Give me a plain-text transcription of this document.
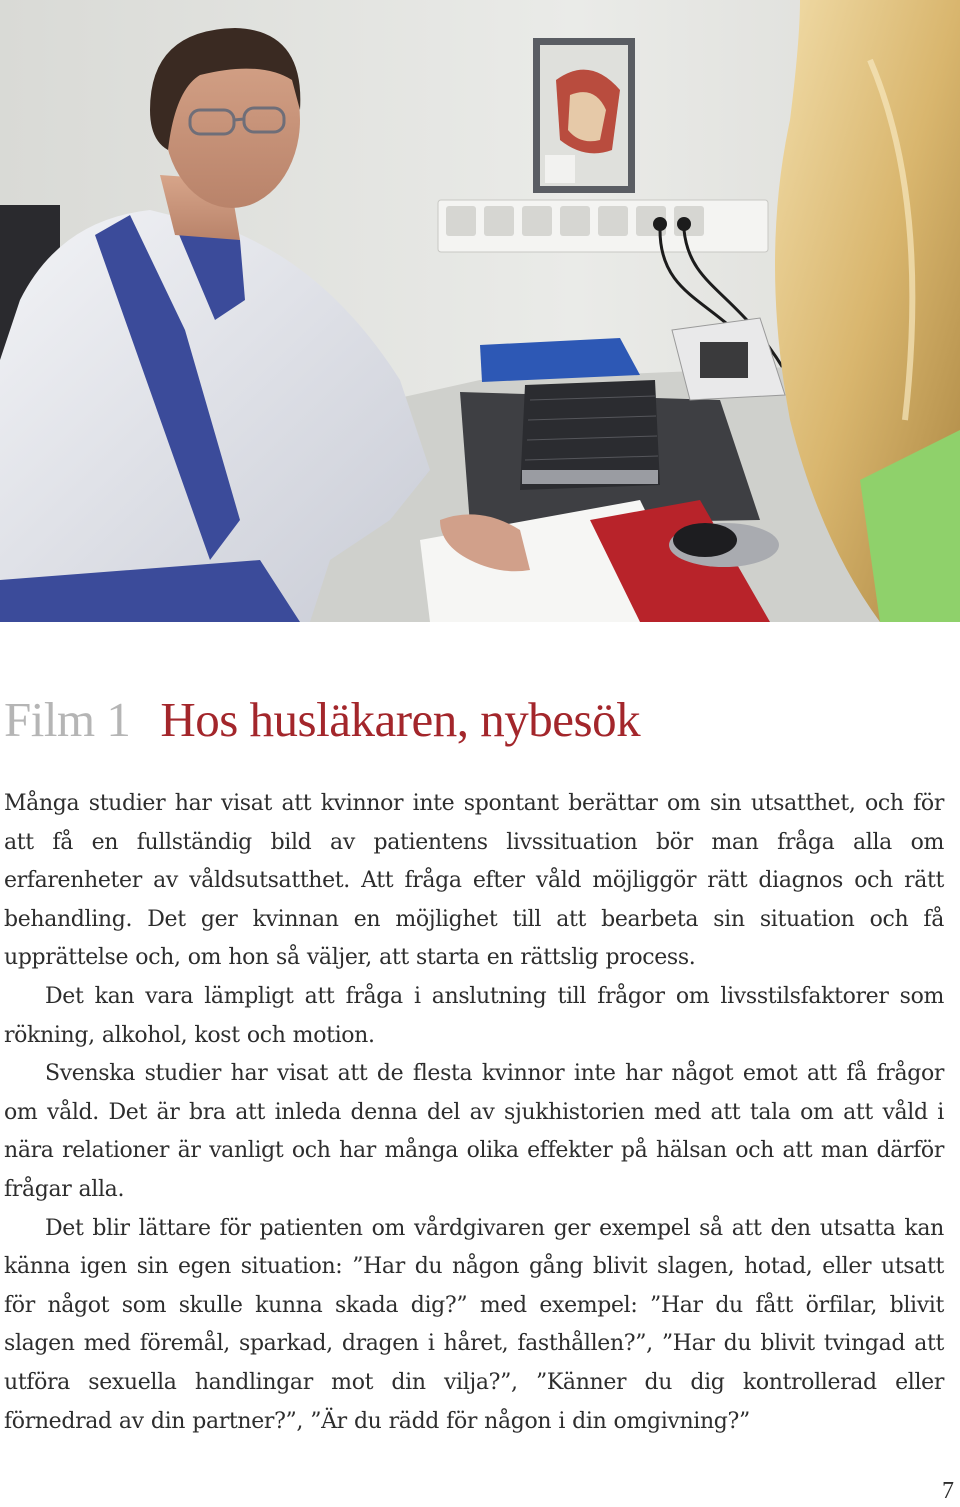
Film 1 Hos husläkaren, nybesök

Många studier har visat att kvinnor inte spontant berättar om sin utsatthet, och för att få en fullständig bild av patientens livssituation bör man fråga alla om erfarenheter av våldsutsatthet. Att fråga efter våld möjliggör rätt diagnos och rätt behandling. Det ger kvinnan en möjlighet till att bearbeta sin situation och få upprättelse och, om hon så väljer, att starta en rättslig process.

Det kan vara lämpligt att fråga i anslutning till frågor om livsstilsfaktorer som rökning, alkohol, kost och motion.

Svenska studier har visat att de flesta kvinnor inte har något emot att få frågor om våld. Det är bra att inleda denna del av sjukhistorien med att tala om att våld i nära relationer är vanligt och har många olika effekter på hälsan och att man därför frågar alla.

Det blir lättare för patienten om vårdgivaren ger exempel så att den utsatta kan känna igen sin egen situation: ”Har du någon gång blivit slagen, hotad, eller utsatt för något som skulle kunna skada dig?” med exempel: ”Har du fått örfilar, blivit slagen med föremål, sparkad, dragen i håret, fasthållen?”, ”Har du blivit tvingad att utföra sexuella handlingar mot din vilja?”, ”Känner du dig kontrollerad eller förnedrad av din partner?”, ”Är du rädd för någon i din omgivning?”

7
